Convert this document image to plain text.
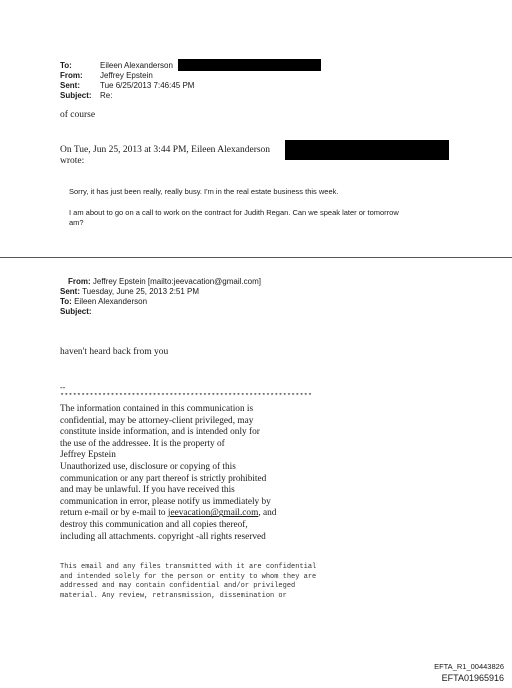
To:	Eileen Alexanderson
From: Jeffrey Epstein
Sent:	Tue 6/25/2013 7:46:45 PM
Subject: Re:
of course
On Tue, Jun 25, 2013 at 3:44 PM, Eileen Alexanderson
wrote:
Sorry, it has just been really, really busy. I'm in the real estate business this week.
I am about to go on a call to work on the contract for Judith Regan. Can we speak later or tomorrow
am?
From: Jeffrey Epstein [mailto:jeevacation@gmail.com]
Sent: Tuesday, June 25, 2013 2:51 PM
To: Eileen Alexanderson
Subject:
haven't heard back from you
--
************************************************************
The information contained in this communication is
confidential, may be attorney-client privileged, may
constitute inside information, and is intended only for
the use of the addressee. It is the property of
Jeffrey Epstein
Unauthorized use, disclosure or copying of this
communication or any part thereof is strictly prohibited
and may be unlawful. If you have received this
communication in error, please notify us immediately by
return e-mail or by e-mail to jeevacation@gmail.com, and
destroy this communication and all copies thereof,
including all attachments. copyright -all rights reserved
This email and any files transmitted with it are confidential
and intended solely for the person or entity to whom they are
addressed and may contain confidential and/or privileged
material. Any review, retransmission, dissemination or
EFTA_R1_00443826
EFTA01965916
